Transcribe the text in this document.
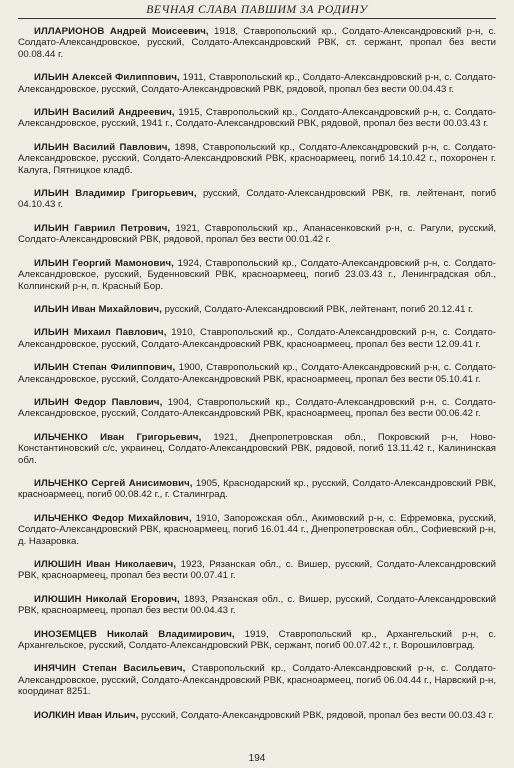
ВЕЧНАЯ СЛАВА ПАВШИМ ЗА РОДИНУ
ИЛЛАРИОНОВ Андрей Моисеевич, 1918, Ставропольский кр., Солдато-Александровский р-н, с. Солдато-Александровское, русский, Солдато-Александровский РВК, ст. сержант, пропал без вести 00.08.44 г.
ИЛЬИН Алексей Филиппович, 1911, Ставропольский кр., Солдато-Александровский р-н, с. Солдато-Александровское, русский, Солдато-Александровский РВК, рядовой, пропал без вести 00.04.43 г.
ИЛЬИН Василий Андреевич, 1915, Ставропольский кр., Солдато-Александровский р-н, с. Солдато-Александровское, русский, 1941 г., Солдато-Александровский РВК, рядовой, пропал без вести 00.03.43 г.
ИЛЬИН Василий Павлович, 1898, Ставропольский кр., Солдато-Александровский р-н, с. Солдато-Александровское, русский, Солдато-Александровский РВК, красноармеец, погиб 14.10.42 г., похоронен г. Калуга, Пятницкое кладб.
ИЛЬИН Владимир Григорьевич, русский, Солдато-Александровский РВК, гв. лейтенант, погиб 04.10.43 г.
ИЛЬИН Гавриил Петрович, 1921, Ставропольский кр., Апанасенковский р-н, с. Рагули, русский, Солдато-Александровский РВК, рядовой, пропал без вести 00.01.42 г.
ИЛЬИН Георгий Мамонович, 1924, Ставропольский кр., Солдато-Александровский р-н, с. Солдато-Александровское, русский, Буденновский РВК, красноармеец, погиб 23.03.43 г., Ленинградская обл., Колпинский р-н, п. Красный Бор.
ИЛЬИН Иван Михайлович, русский, Солдато-Александровский РВК, лейтенант, погиб 20.12.41 г.
ИЛЬИН Михаил Павлович, 1910, Ставропольский кр., Солдато-Александровский р-н, с. Солдато-Александровское, русский, Солдато-Александровский РВК, красноармеец, пропал без вести 12.09.41 г.
ИЛЬИН Степан Филиппович, 1900, Ставропольский кр., Солдато-Александровский р-н, с. Солдато-Александровское, русский, Солдато-Александровский РВК, красноармеец, пропал без вести 05.10.41 г.
ИЛЬИН Федор Павлович, 1904, Ставропольский кр., Солдато-Александровский р-н, с. Солдато-Александровское, русский, Солдато-Александровский РВК, красноармеец, пропал без вести 00.06.42 г.
ИЛЬЧЕНКО Иван Григорьевич, 1921, Днепропетровская обл., Покровский р-н, Ново-Константиновский с/с, украинец, Солдато-Александровский РВК, рядовой, погиб 13.11.42 г., Калининская обл.
ИЛЬЧЕНКО Сергей Анисимович, 1905, Краснодарский кр., русский, Солдато-Александровский РВК, красноармеец, погиб 00.08.42 г., г. Сталинград.
ИЛЬЧЕНКО Федор Михайлович, 1910, Запорожская обл., Акимовский р-н, с. Ефремовка, русский, Солдато-Александровский РВК, красноармеец, погиб 16.01.44 г., Днепропетровская обл., Софиевский р-н, д. Назаровка.
ИЛЮШИН Иван Николаевич, 1923, Рязанская обл., с. Вишер, русский, Солдато-Александровский РВК, красноармеец, пропал без вести 00.07.41 г.
ИЛЮШИН Николай Егорович, 1893, Рязанская обл., с. Вишер, русский, Солдато-Александровский РВК, красноармеец, пропал без вести 00.04.43 г.
ИНОЗЕМЦЕВ Николай Владимирович, 1919, Ставропольский кр., Архангельский р-н, с. Архангельское, русский, Солдато-Александровский РВК, сержант, погиб 00.07.42 г., г. Ворошиловград.
ИНЯЧИН Степан Васильевич, Ставропольский кр., Солдато-Александровский р-н, с. Солдато-Александровское, русский, Солдато-Александровский РВК, красноармеец, погиб 06.04.44 г., Нарвский р-н, координат 8251.
ИОЛКИН Иван Ильич, русский, Солдато-Александровский РВК, рядовой, пропал без вести 00.03.43 г.
194
